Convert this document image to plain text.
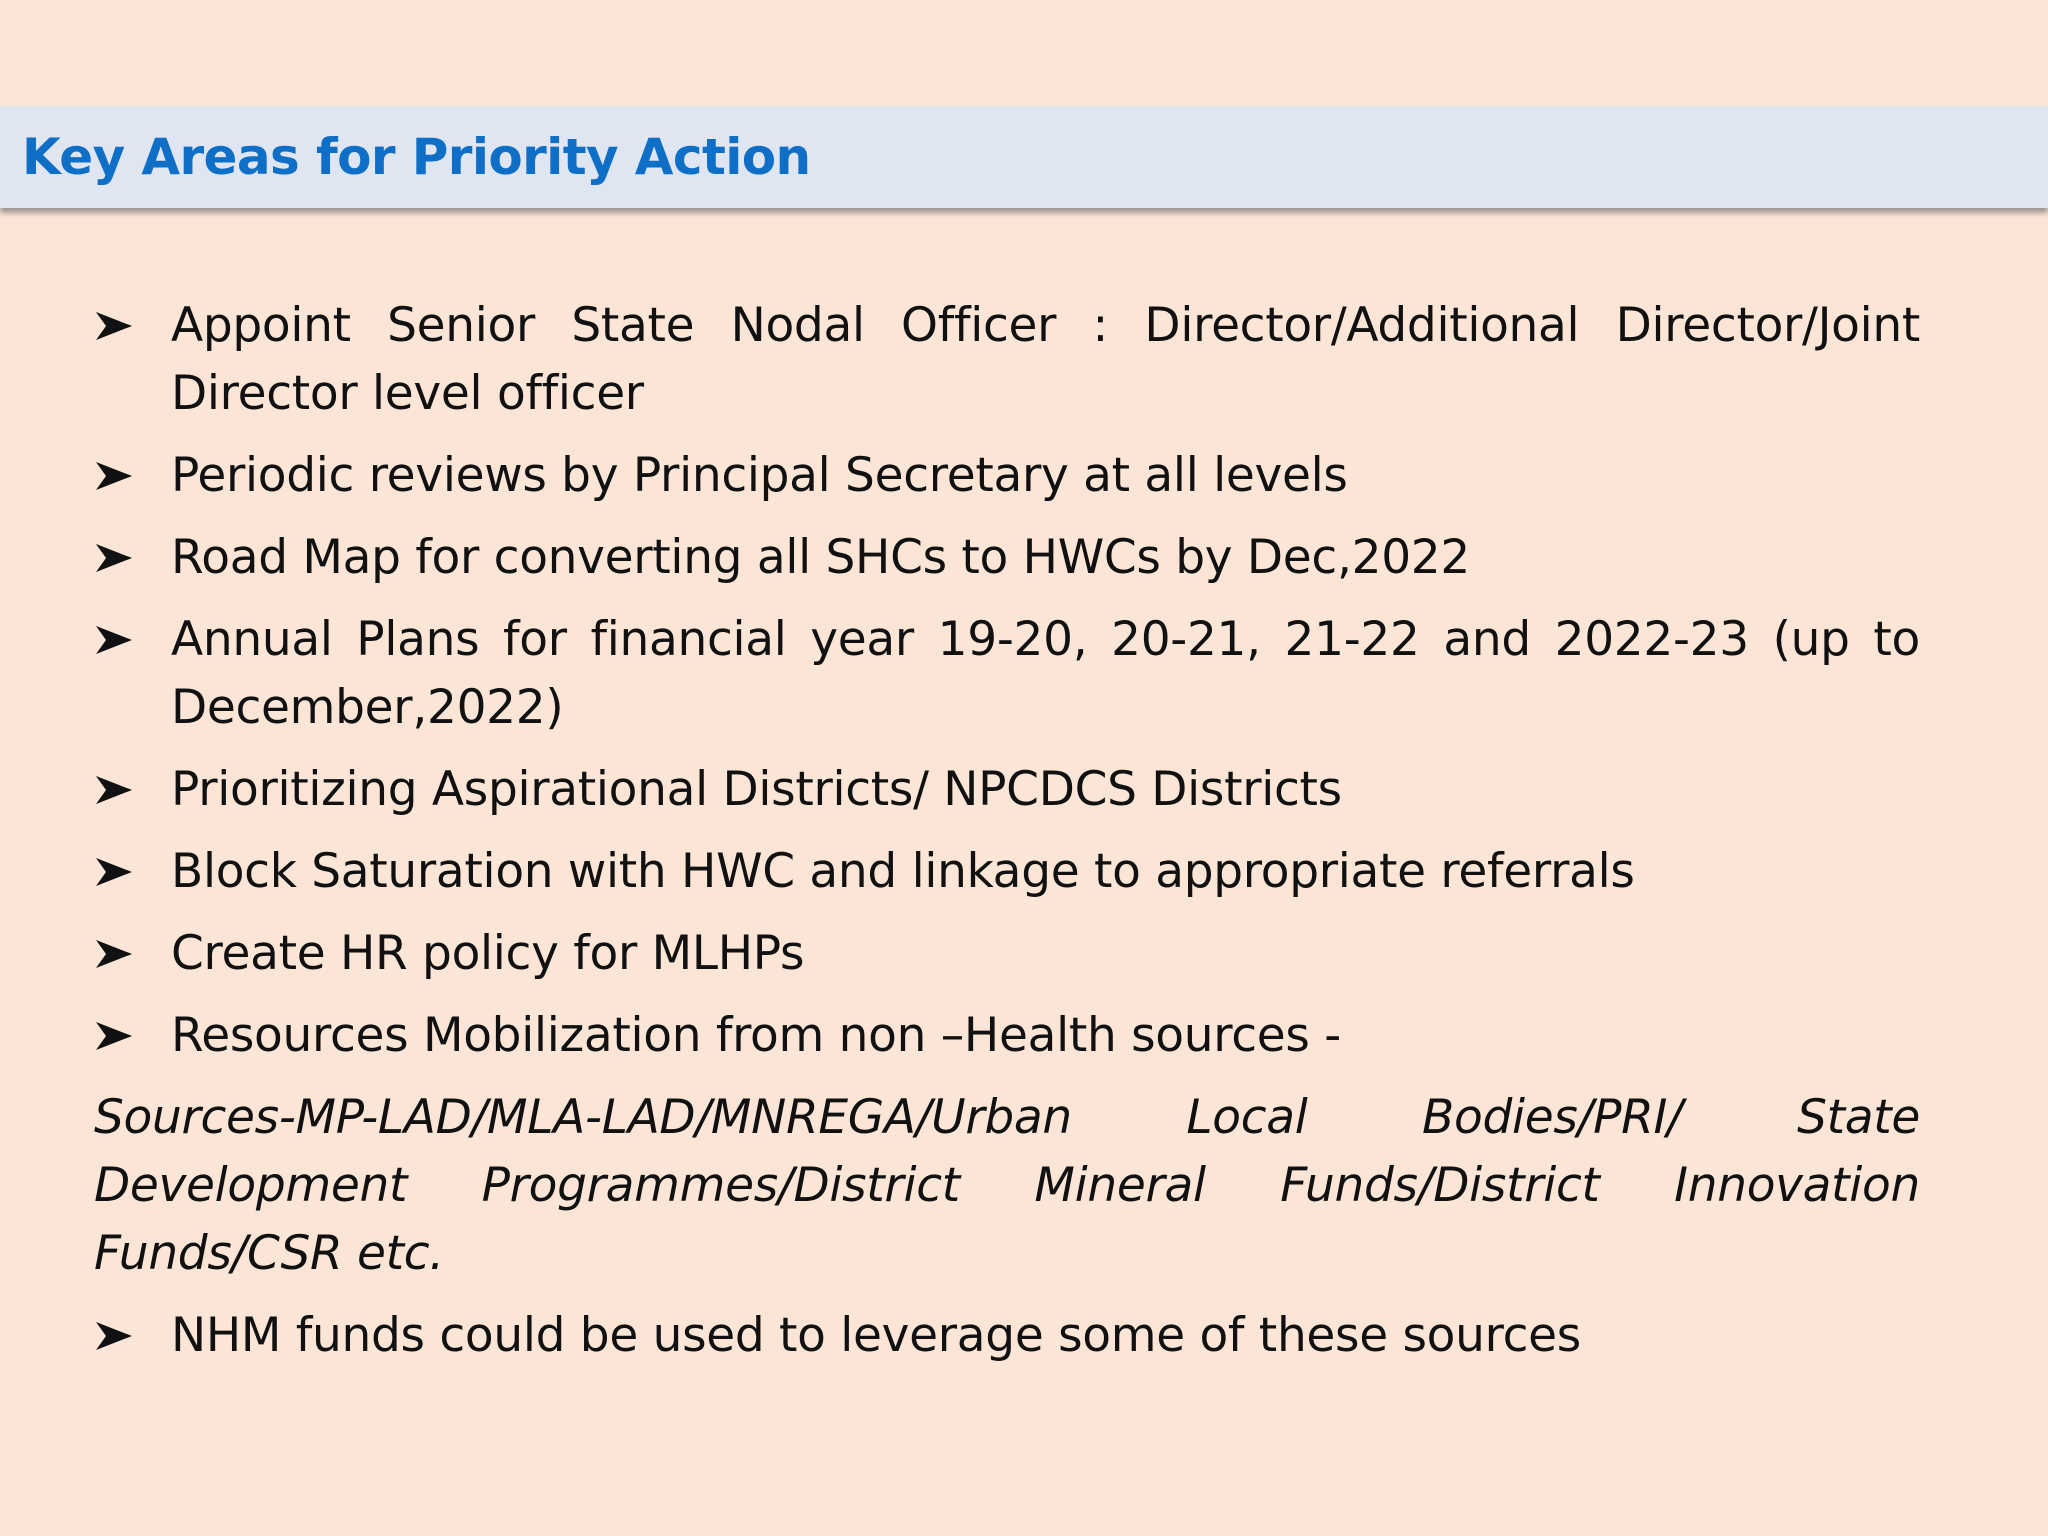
Key Areas for Priority Action
Appoint Senior State Nodal Officer : Director/Additional Director/Joint Director level officer
Periodic reviews by Principal Secretary at all levels
Road Map for converting all SHCs to HWCs by Dec,2022
Annual Plans for financial year 19-20, 20-21, 21-22 and 2022-23 (up to December,2022)
Prioritizing Aspirational Districts/ NPCDCS Districts
Block Saturation with HWC and linkage to appropriate referrals
Create HR policy for MLHPs
Resources Mobilization from non –Health sources -
Sources-MP-LAD/MLA-LAD/MNREGA/Urban Local Bodies/PRI/ State Development Programmes/District Mineral Funds/District Innovation Funds/CSR etc.
NHM funds could be used to leverage some of these sources
